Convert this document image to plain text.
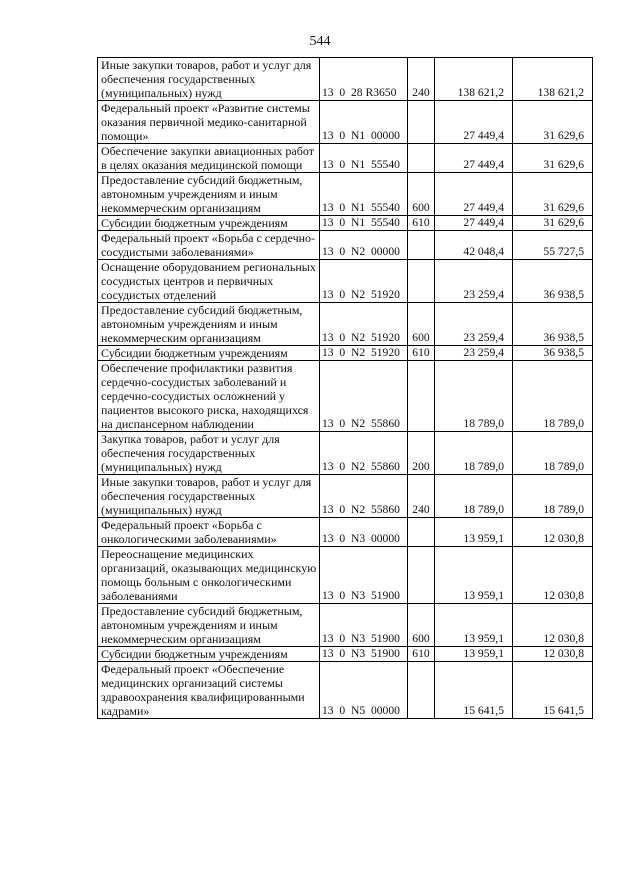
544
Иные закупки товаров, работ и услуг для обеспечения государственных (муниципальных) нужд	13  0  28 R3650	240	138 621,2	138 621,2
Федеральный проект «Развитие системы оказания первичной медико-санитарной помощи»	13  0  N1  00000		27 449,4	31 629,6
Обеспечение закупки авиационных работ в целях оказания медицинской помощи	13  0  N1  55540		27 449,4	31 629,6
Предоставление субсидий бюджетным, автономным учреждениям и иным некоммерческим организациям	13  0  N1  55540	600	27 449,4	31 629,6
Субсидии бюджетным учреждениям	13  0  N1  55540	610	27 449,4	31 629,6
Федеральный проект «Борьба с сердечно-сосудистыми заболеваниями»	13  0  N2  00000		42 048,4	55 727,5
Оснащение оборудованием региональных сосудистых центров и первичных сосудистых отделений	13  0  N2  51920		23 259,4	36 938,5
Предоставление субсидий бюджетным, автономным учреждениям и иным некоммерческим организациям	13  0  N2  51920	600	23 259,4	36 938,5
Субсидии бюджетным учреждениям	13  0  N2  51920	610	23 259,4	36 938,5
Обеспечение профилактики развития сердечно-сосудистых заболеваний и сердечно-сосудистых осложнений у пациентов высокого риска, находящихся на диспансерном наблюдении	13  0  N2  55860		18 789,0	18 789,0
Закупка товаров, работ и услуг для обеспечения государственных (муниципальных) нужд	13  0  N2  55860	200	18 789,0	18 789,0
Иные закупки товаров, работ и услуг для обеспечения государственных (муниципальных) нужд	13  0  N2  55860	240	18 789,0	18 789,0
Федеральный проект «Борьба с онкологическими заболеваниями»	13  0  N3  00000		13 959,1	12 030,8
Переоснащение медицинских организаций, оказывающих медицинскую помощь больным с онкологическими заболеваниями	13  0  N3  51900		13 959,1	12 030,8
Предоставление субсидий бюджетным, автономным учреждениям и иным некоммерческим организациям	13  0  N3  51900	600	13 959,1	12 030,8
Субсидии бюджетным учреждениям	13  0  N3  51900	610	13 959,1	12 030,8
Федеральный проект «Обеспечение медицинских организаций системы здравоохранения квалифицированными кадрами»	13  0  N5  00000		15 641,5	15 641,5
